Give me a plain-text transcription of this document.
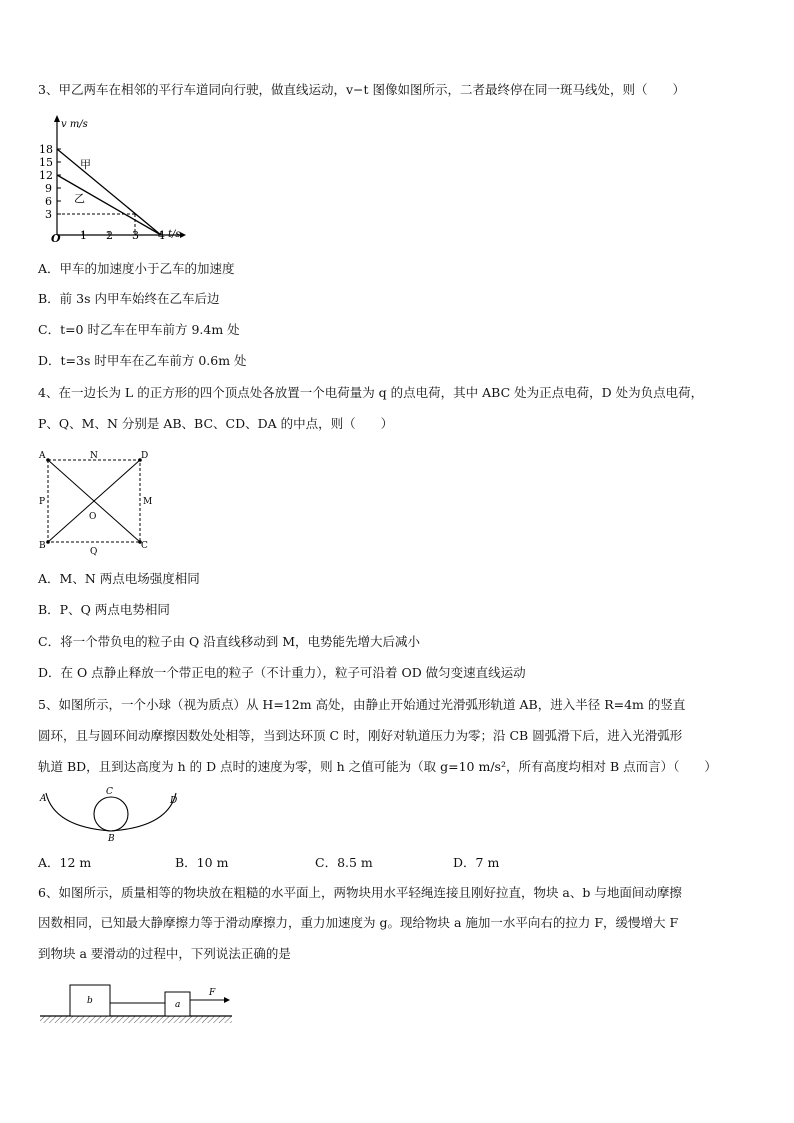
3、甲乙两车在相邻的平行车道同向行驶，做直线运动，v−t 图像如图所示，二者最终停在同一斑马线处，则（　　）
v m/s
18
15
12
9
6
3
O 1 2 3 4 t/s
甲
乙
A．甲车的加速度小于乙车的加速度
B．前 3s 内甲车始终在乙车后边
C．t=0 时乙车在甲车前方 9.4m 处
D．t=3s 时甲车在乙车前方 0.6m 处
4、在一边长为 L 的正方形的四个顶点处各放置一个电荷量为 q 的点电荷，其中 ABC 处为正点电荷，D 处为负点电荷，
P、Q、M、N 分别是 AB、BC、CD、DA 的中点，则（　　）
A	D
B	C
N
P	M
Q
O
A．M、N 两点电场强度相同
B．P、Q 两点电势相同
C．将一个带负电的粒子由 Q 沿直线移动到 M，电势能先增大后减小
D．在 O 点静止释放一个带正电的粒子（不计重力），粒子可沿着 OD 做匀变速直线运动
5、如图所示，一个小球（视为质点）从 H=12m 高处，由静止开始通过光滑弧形轨道 AB，进入半径 R=4m 的竖直
圆环，且与圆环间动摩擦因数处处相等，当到达环顶 C 时，刚好对轨道压力为零；沿 CB 圆弧滑下后，进入光滑弧形
轨道 BD，且到达高度为 h 的 D 点时的速度为零，则 h 之值可能为（取 g=10 m/s²，所有高度均相对 B 点而言）（　　）
A	D
C
B
A．12 m	B．10 m	C．8.5 m	D．7 m
6、如图所示，质量相等的物块放在粗糙的水平面上，两物块用水平轻绳连接且刚好拉直，物块 a、b 与地面间动摩擦
因数相同，已知最大静摩擦力等于滑动摩擦力，重力加速度为 g。现给物块 a 施加一水平向右的拉力 F，缓慢增大 F
到物块 a 要滑动的过程中，下列说法正确的是
b	a
F
